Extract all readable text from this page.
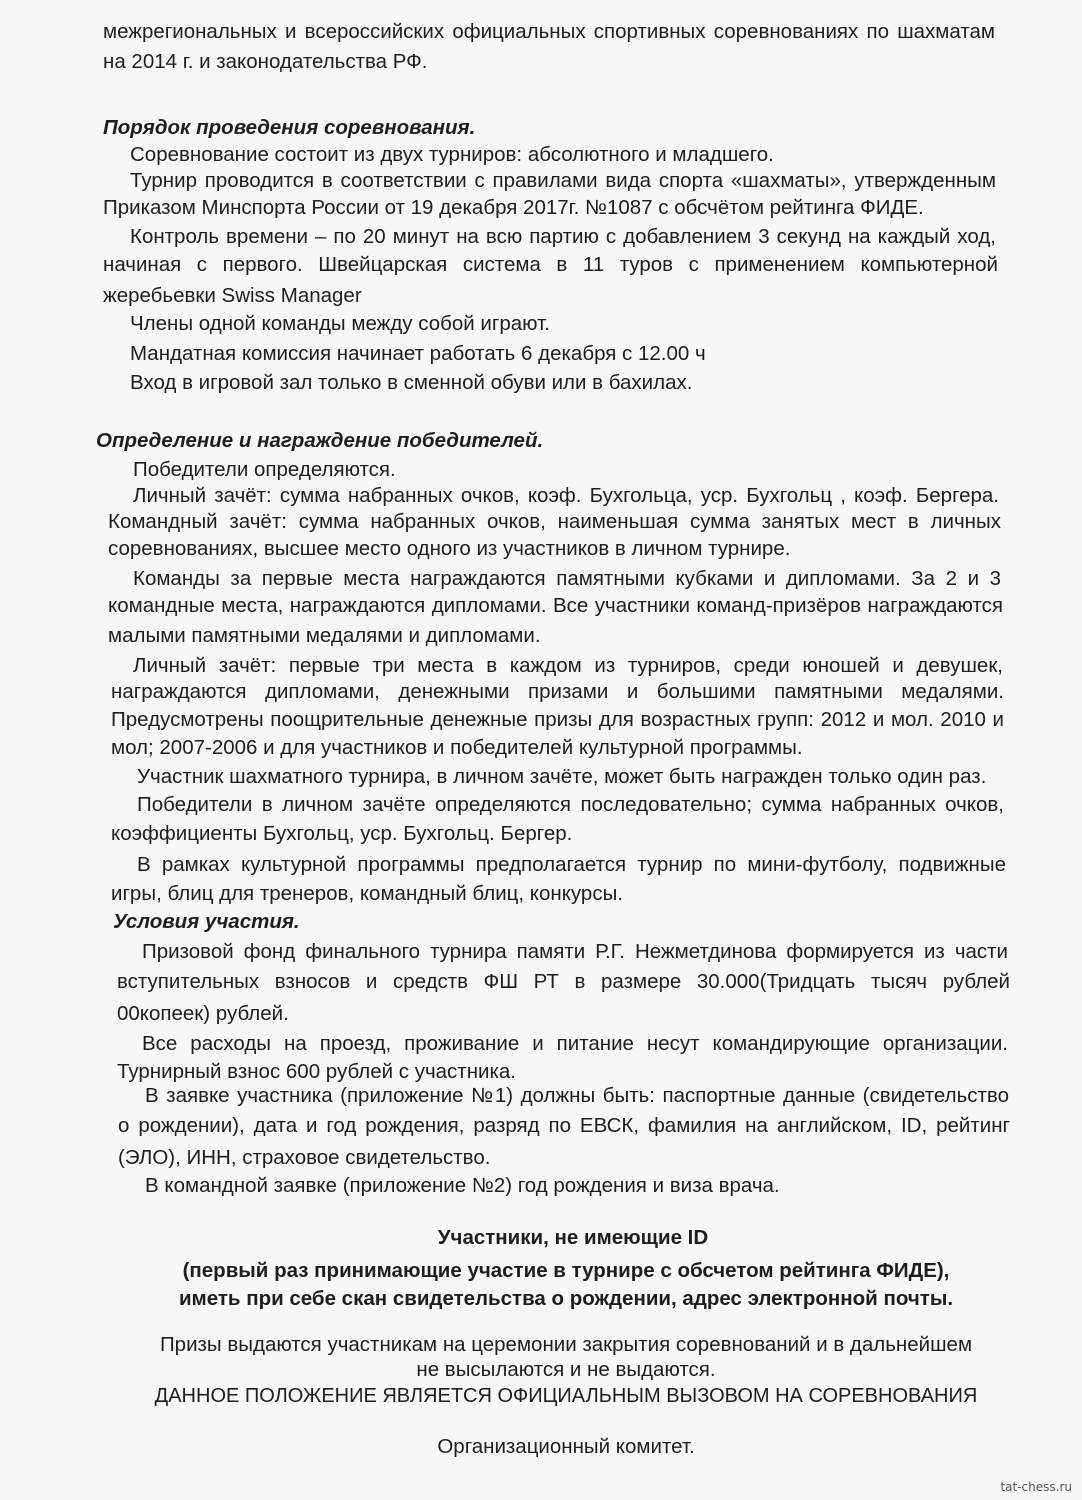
межрегиональных и всероссийских официальных спортивных соревнованиях по шахматам
на 2014 г. и законодательства РФ.
Порядок проведения соревнования.
Соревнование состоит из двух турниров: абсолютного и младшего.
Турнир проводится в соответствии с правилами вида спорта «шахматы», утвержденным
Приказом Минспорта России от 19 декабря 2017г. №1087 с обсчётом рейтинга ФИДЕ.
Контроль времени – по 20 минут на всю партию с добавлением 3 секунд на каждый ход,
начиная с первого. Швейцарская система в 11 туров с применением компьютерной
жеребьевки Swiss Manager
Члены одной команды между собой играют.
Мандатная комиссия начинает работать 6 декабря с 12.00 ч
Вход в игровой зал только в сменной обуви или в бахилах.
Определение и награждение победителей.
Победители определяются.
Личный зачёт: сумма набранных очков, коэф. Бухгольца, уср. Бухгольц , коэф. Бергера.
Командный зачёт: сумма набранных очков, наименьшая сумма занятых мест в личных
соревнованиях, высшее место одного из участников в личном турнире.
Команды за первые места награждаются памятными кубками и дипломами. За 2 и 3
командные места, награждаются дипломами. Все участники команд-призёров награждаются
малыми памятными медалями и дипломами.
Личный зачёт: первые три места в каждом из турниров, среди юношей и девушек,
награждаются дипломами, денежными призами и большими памятными медалями.
Предусмотрены поощрительные денежные призы для возрастных групп: 2012 и мол. 2010 и
мол; 2007-2006 и для участников и победителей культурной программы.
Участник шахматного турнира, в личном зачёте, может быть награжден только один раз.
Победители в личном зачёте определяются последовательно; сумма набранных очков,
коэффициенты Бухгольц, уср. Бухгольц. Бергер.
В рамках культурной программы предполагается турнир по мини-футболу, подвижные
игры, блиц для тренеров, командный блиц, конкурсы.
Условия участия.
Призовой фонд финального турнира памяти Р.Г. Нежметдинова формируется из части
вступительных взносов и средств ФШ РТ в размере 30.000(Тридцать тысяч рублей
00копеек) рублей.
Все расходы на проезд, проживание и питание несут командирующие организации.
Турнирный взнос 600 рублей с участника.
В заявке участника (приложение №1) должны быть: паспортные данные (свидетельство
о рождении), дата и год рождения, разряд по ЕВСК, фамилия на английском, ID, рейтинг
(ЭЛО), ИНН, страховое свидетельство.
В командной заявке (приложение №2) год рождения и виза врача.
Участники, не имеющие ID
(первый раз принимающие участие в турнире с обсчетом рейтинга ФИДЕ),
иметь при себе скан свидетельства о рождении, адрес электронной почты.
Призы выдаются участникам на церемонии закрытия соревнований и в дальнейшем
не высылаются и не выдаются.
ДАННОЕ ПОЛОЖЕНИЕ ЯВЛЯЕТСЯ ОФИЦИАЛЬНЫМ ВЫЗОВОМ НА СОРЕВНОВАНИЯ
Организационный комитет.
tat-chess.ru
